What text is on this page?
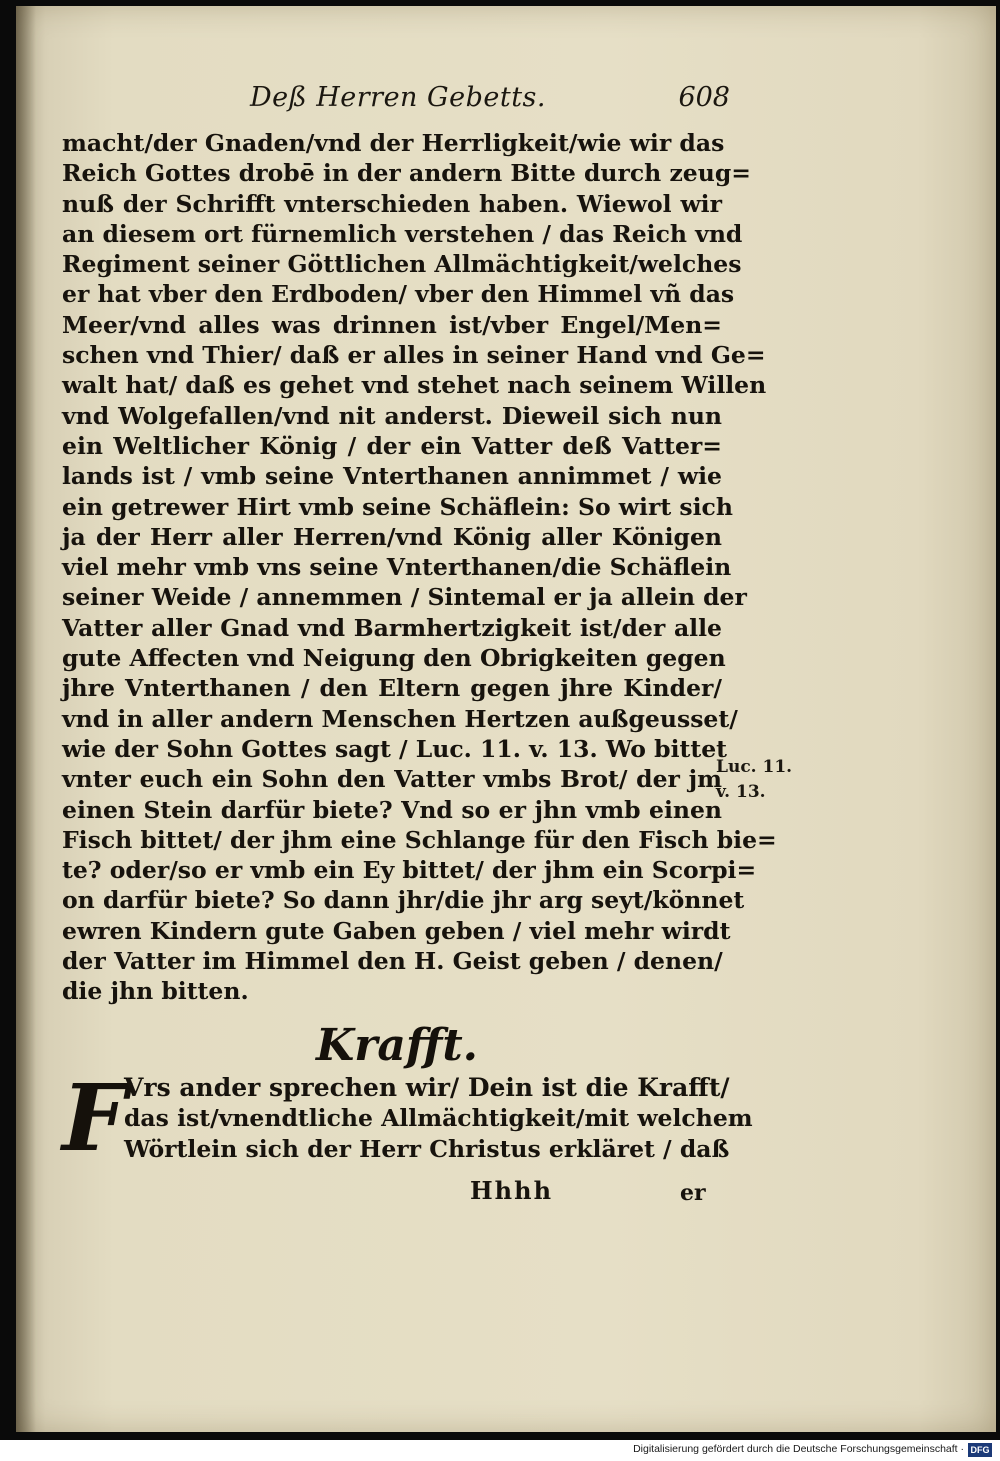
Deß Herren Gebetts.	608
macht/der Gnaden/vnd der Herrligkeit/wie wir das
Reich Gottes drobē in der andern Bitte durch zeug=
nuß der Schrifft vnterschieden haben. Wiewol wir
an diesem ort fürnemlich verstehen / das Reich vnd
Regiment seiner Göttlichen Allmächtigkeit/welches
er hat vber den Erdboden/ vber den Himmel vñ das
Meer/vnd alles was drinnen ist/vber Engel/Men=
schen vnd Thier/ daß er alles in seiner Hand vnd Ge=
walt hat/ daß es gehet vnd stehet nach seinem Willen
vnd Wolgefallen/vnd nit anderst. Dieweil sich nun
ein Weltlicher König / der ein Vatter deß Vatter=
lands ist / vmb seine Vnterthanen annimmet / wie
ein getrewer Hirt vmb seine Schäflein: So wirt sich
ja der Herr aller Herren/vnd König aller Königen
viel mehr vmb vns seine Vnterthanen/die Schäflein
seiner Weide / annemmen / Sintemal er ja allein der
Vatter aller Gnad vnd Barmhertzigkeit ist/der alle
gute Affecten vnd Neigung den Obrigkeiten gegen
jhre Vnterthanen / den Eltern gegen jhre Kinder/
vnd in aller andern Menschen Hertzen außgeusset/
wie der Sohn Gottes sagt / Luc. 11. v. 13. Wo bittet
vnter euch ein Sohn den Vatter vmbs Brot/ der jm
einen Stein darfür biete? Vnd so er jhn vmb einen
Fisch bittet/ der jhm eine Schlange für den Fisch bie=
te? oder/so er vmb ein Ey bittet/ der jhm ein Scorpi=
on darfür biete? So dann jhr/die jhr arg seyt/könnet
ewren Kindern gute Gaben geben / viel mehr wirdt
der Vatter im Himmel den H. Geist geben / denen/
die jhn bitten.
Luc. 11.
v. 13.
Krafft.
F
Vrs ander sprechen wir/ Dein ist die Krafft/
das ist/vnendtliche Allmächtigkeit/mit welchem
Wörtlein sich der Herr Christus erkläret / daß
Hhhh	er
Digitalisierung gefördert durch die Deutsche Forschungsgemeinschaft · DFG
